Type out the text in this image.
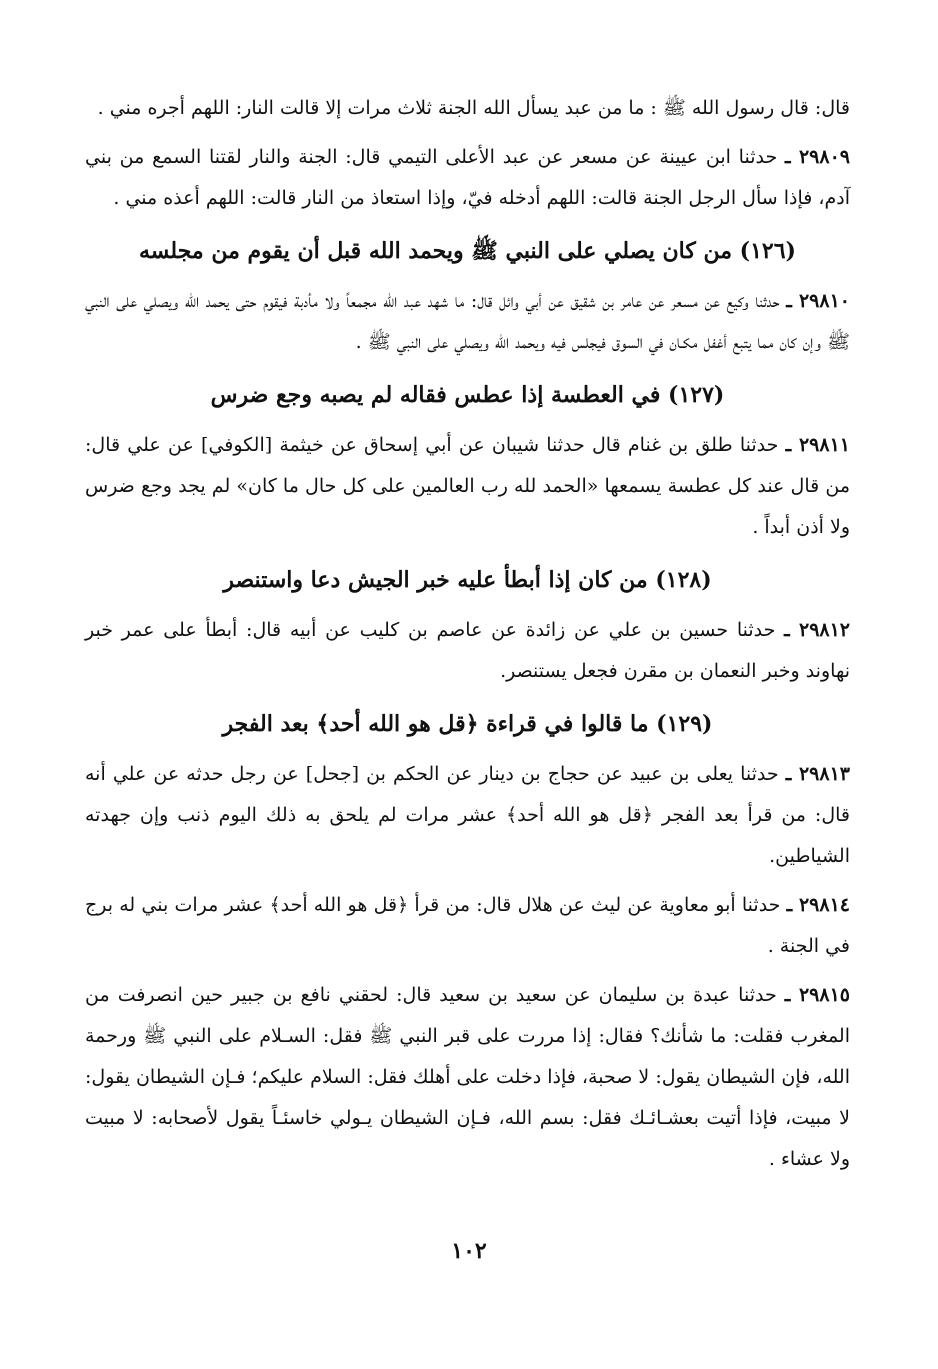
قال: قال رسول الله ﷺ : ما من عبد يسأل الله الجنة ثلاث مرات إلا قالت النار: اللهم أجره مني .

٢٩٨٠٩ ـ حدثنا ابن عيينة عن مسعر عن عبد الأعلى التيمي قال: الجنة والنار لقتنا السمع من بني آدم، فإذا سأل الرجل الجنة قالت: اللهم أدخله فيّ، وإذا استعاذ من النار قالت: اللهم أعذه مني .

(١٢٦) من كان يصلي على النبي ﷺ ويحمد الله قبل أن يقوم من مجلسه

٢٩٨١٠ ـ حدثنا وكيع عن مسعر عن عامر بن شقيق عن أبي وائل قال: ما شهد عبد الله مجمعاً ولا مأدبة فيقوم حتى يحمد الله ويصلي على النبي ﷺ وإن كان مما يتبع أغفل مكـان في السوق فيجلس فيه ويحمد الله ويصلي على النبي ﷺ .

(١٢٧) في العطسة إذا عطس فقاله لم يصبه وجع ضرس

٢٩٨١١ ـ حدثنا طلق بن غنام قال حدثنا شيبان عن أبي إسحاق عن خيثمة [الكوفي] عن علي قال: من قال عند كل عطسة يسمعها «الحمد لله رب العالمين على كل حال ما كان» لم يجد وجع ضرس ولا أذن أبداً .

(١٢٨) من كان إذا أبطأ عليه خبر الجيش دعا واستنصر

٢٩٨١٢ ـ حدثنا حسين بن علي عن زائدة عن عاصم بن كليب عن أبيه قال: أبطأ على عمر خبر نهاوند وخبر النعمان بن مقرن فجعل يستنصر.

(١٢٩) ما قالوا في قراءة ﴿قل هو الله أحد﴾ بعد الفجر

٢٩٨١٣ ـ حدثنا يعلى بن عبيد عن حجاج بن دينار عن الحكم بن [جحل] عن رجل حدثه عن علي أنه قال: من قرأ بعد الفجر ﴿قل هو الله أحد﴾ عشر مرات لم يلحق به ذلك اليوم ذنب وإن جهدته الشياطين.

٢٩٨١٤ ـ حدثنا أبو معاوية عن ليث عن هلال قال: من قرأ ﴿قل هو الله أحد﴾ عشر مرات بني له برج في الجنة .

٢٩٨١٥ ـ حدثنا عبدة بن سليمان عن سعيد بن سعيد قال: لحقني نافع بن جبير حين انصرفت من المغرب فقلت: ما شأنك؟ فقال: إذا مررت على قبر النبي ﷺ فقل: السـلام على النبي ﷺ ورحمة الله، فإن الشيطان يقول: لا صحبة، فإذا دخلت على أهلك فقل: السلام عليكم؛ فـإن الشيطان يقول: لا مبيت، فإذا أتيت بعشـائـك فقل: بسم الله، فـإن الشيطان يـولي خاسئـاً يقول لأصحابه: لا مبيت ولا عشاء .

١٠٢
